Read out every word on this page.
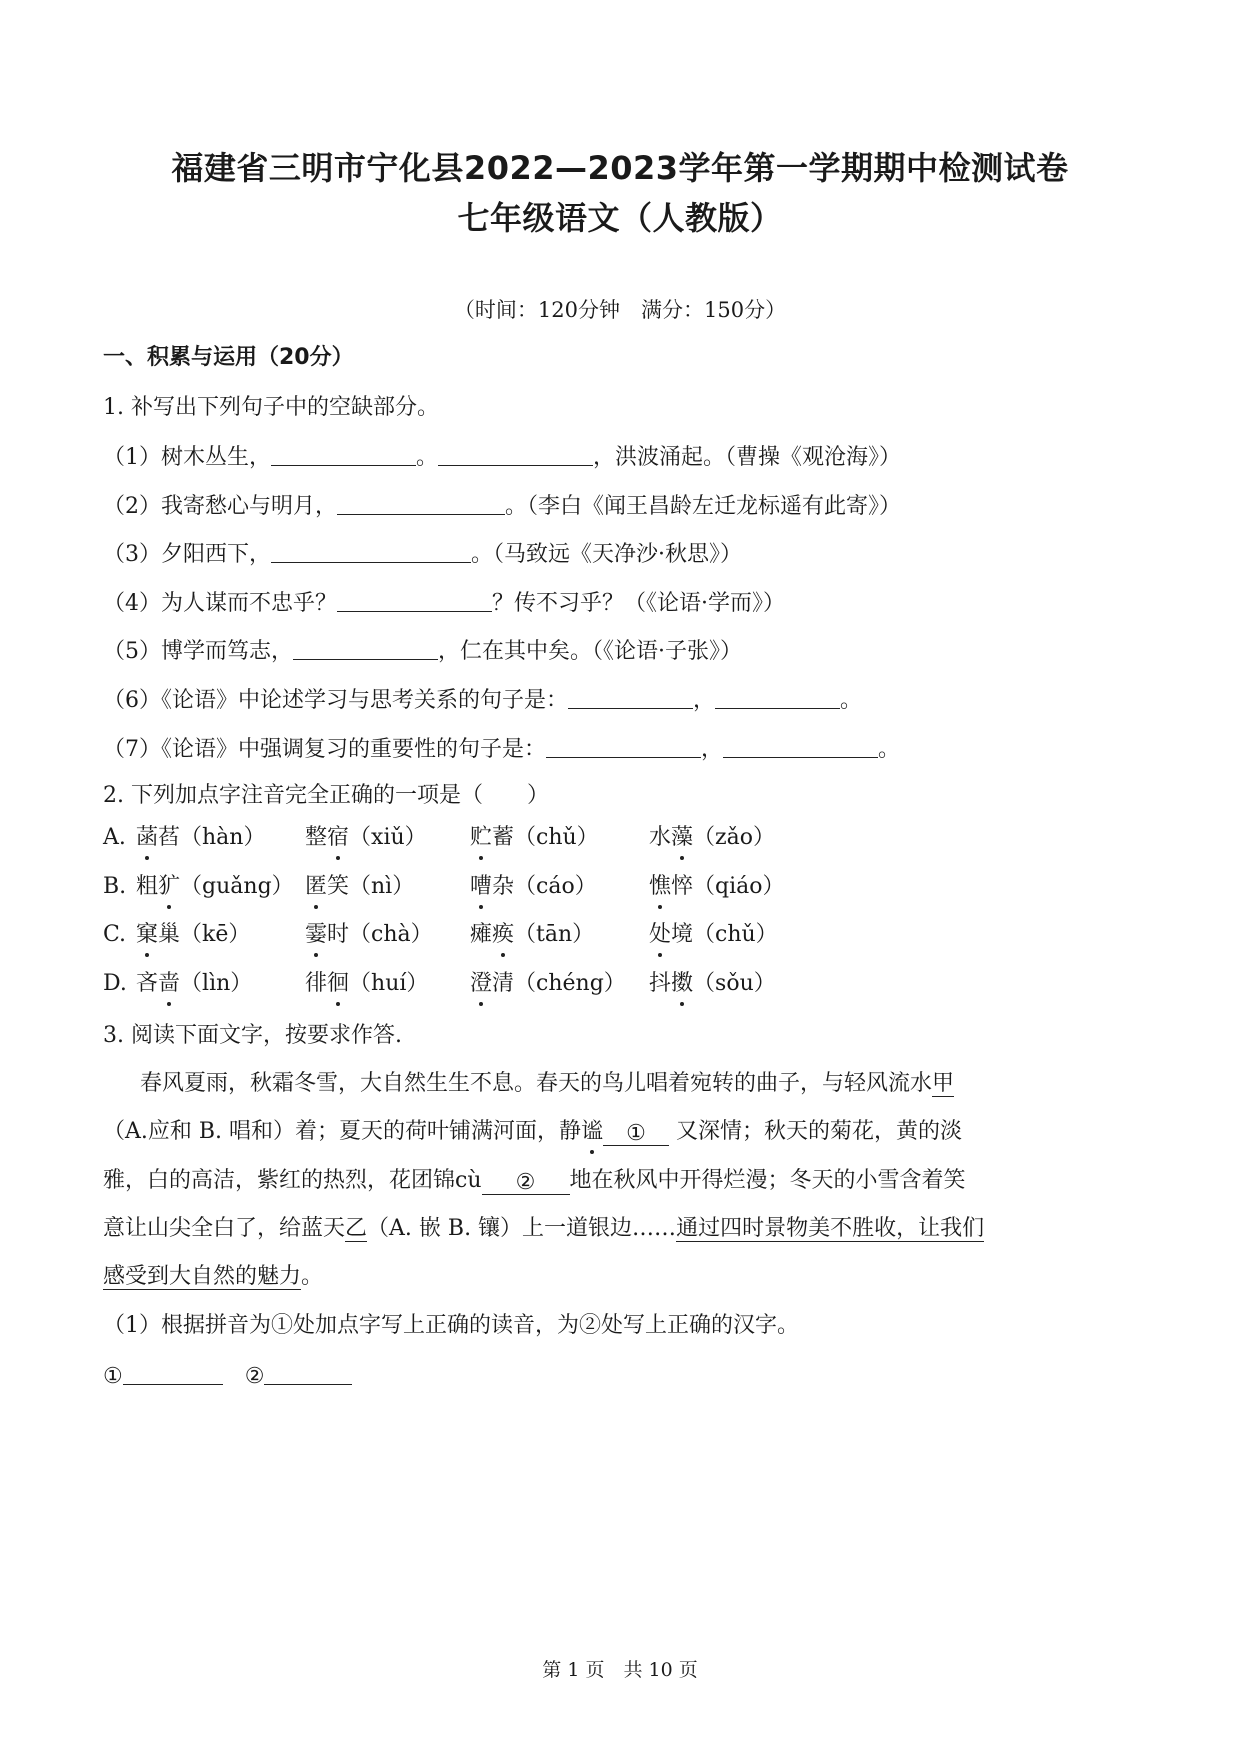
福建省三明市宁化县2022—2023学年第一学期期中检测试卷
七年级语文（人教版）
（时间：120分钟　满分：150分）
一、积累与运用（20分）
1. 补写出下列句子中的空缺部分。
（1）树木丛生，	。	，洪波涌起。（曹操《观沧海》）
（2）我寄愁心与明月，	。（李白《闻王昌龄左迁龙标遥有此寄》）
（3）夕阳西下，	。（马致远《天净沙·秋思》）
（4）为人谋而不忠乎？	？传不习乎？（《论语·学而》）
（5）博学而笃志，	，仁在其中矣。（《论语·子张》）
（6）《论语》中论述学习与思考关系的句子是：	，	。
（7）《论语》中强调复习的重要性的句子是：	，	。
2. 下列加点字注音完全正确的一项是（　　）
A. 菡萏（hàn） 整宿（xiǔ） 贮蓄（chǔ） 水藻（zǎo）
B. 粗犷（guǎng） 匿笑（nì）	嘈杂（cáo） 憔悴（qiáo）
C. 窠巢（kē） 霎时（chà） 瘫痪（tān） 处境（chǔ）
D. 吝啬（lìn） 徘徊（huí） 澄清（chéng） 抖擞（sǒu）
3. 阅读下面文字，按要求作答.
春风夏雨，秋霜冬雪，大自然生生不息。春天的鸟儿唱着宛转的曲子，与轻风流水甲
（A.应和 B. 唱和）着；夏天的荷叶铺满河面，静谧 ① 又深情；秋天的菊花，黄的淡
雅，白的高洁，紫红的热烈，花团锦cù ② 地在秋风中开得烂漫；冬天的小雪含着笑
意让山尖全白了，给蓝天乙（A. 嵌 B. 镶）上一道银边……通过四时景物美不胜收，让我们
感受到大自然的魅力。
（1）根据拼音为①处加点字写上正确的读音，为②处写上正确的汉字。
①	②
第 1 页　共 10 页
